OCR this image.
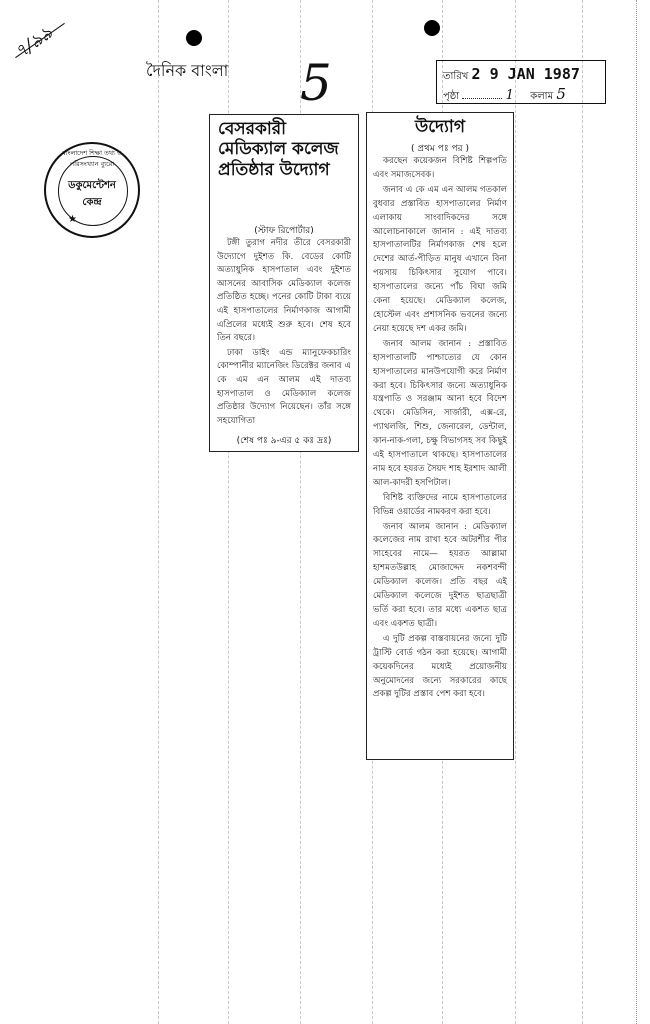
৭/৯৯
দৈনিক বাংলা 5	তারিখ 2 9 JAN 1987
পৃষ্ঠা	1 কলাম 5
বাংলাদেশ শিক্ষা তথ্য ও পরিসংখ্যান ব্যুরো
ডকুমেন্টেশন কেন্দ্র
★
বেসরকারী মেডিক্যাল কলেজ প্রতিষ্ঠার উদ্যোগ
(স্টাফ রিপোর্টার)

টঙ্গী তুরাগ নদীর তীরে বেসরকারী উদ্যোগে দুইশত কি. বেডের কোটি অত্যাধুনিক হাসপাতাল এবং দুইশত আসনের আবাসিক মেডিক্যাল কলেজ প্রতিষ্ঠিত হচ্ছে। পনের কোটি টাকা ব্যয়ে এই হাসপাতালের নির্মাণকাজ আগামী এপ্রিলের মধ্যেই শুরু হবে। শেষ হবে তিন বছরে।

ঢাকা ডাইং এন্ড ম্যানুফেকচারিং কোম্পানীর ম্যানেজিং ডিরেক্টর জনাব এ কে এম এন আলম এই দাতব্য হাসপাতাল ও মেডিক্যাল কলেজ প্রতিষ্ঠার উদ্যোগ নিয়েছেন। তাঁর সঙ্গে সহযোগিতা

(শেষ পঃ ৯-এর ৫ কঃ দ্রঃ)
উদ্যোগ
( প্রথম পঃ পর )

করছেন কয়েকজন বিশিষ্ট শিল্পপতি এবং সমাজসেবক।

জনাব এ কে এম এন আলম গতকাল বুধবার প্রস্তাবিত হাসপাতালের নির্মাণ এলাকায় সাংবাদিকদের সঙ্গে আলোচনাকালে জানান : এই দাতব্য হাসপাতালটির নির্মাণকাজ শেষ হলে দেশের আর্ত-পীড়িত মানুষ এখানে বিনা পয়সায় চিকিৎসার সুযোগ পাবে। হাসপাতালের জন্যে পাঁচ বিঘা জমি কেনা হয়েছে। মেডিক্যাল কলেজ, হোস্টেল এবং প্রশাসনিক ভবনের জন্যে নেয়া হয়েছে দশ একর জমি।

জনাব আলম জানান : প্রস্তাবিত হাসপাতালটি পাশ্চাত্যের যে কোন হাসপাতালের মানউপযোগী করে নির্মাণ করা হবে। চিকিৎসার জন্যে অত্যাধুনিক যন্ত্রপাতি ও সরঞ্জাম আনা হবে বিদেশ থেকে। মেডিসিন, সার্জারী, এক্স-রে, প্যাথলজি, শিশু, জেনারেল, ডেন্টাল, কান-নাক-গলা, চক্ষু বিভাগসহ সব কিছুই এই হাসপাতালে থাকছে। হাসপাতালের নাম হবে হযরত সৈয়দ শাহ ইরশাদ আলী আল-কাদরী হসপিটাল।

বিশিষ্ট ব্যক্তিদের নামে হাসপাতালের বিভিন্ন ওয়ার্ডের নামকরণ করা হবে।

জনাব আলম জানান : মেডিক্যাল কলেজের নাম রাখা হবে অটরশীর পীর সাহেবের নামে— হযরত আল্লামা হাশমতউল্লাহ মোজাদ্দেদ নকশবন্দী মেডিক্যাল কলেজ। প্রতি বছর এই মেডিক্যাল কলেজে দুইশত ছাত্রছাত্রী ভর্তি করা হবে। তার মধ্যে একশত ছাত্র এবং একশত ছাত্রী।

এ দুটি প্রকল্প বাস্তবায়নের জন্যে দুটি ট্রাস্টি বোর্ড গঠন করা হয়েছে। আগামী কয়েকদিনের মধ্যেই প্রয়োজনীয় অনুমোদনের জন্যে সরকারের কাছে প্রকল্প দুটির প্রস্তাব পেশ করা হবে।
